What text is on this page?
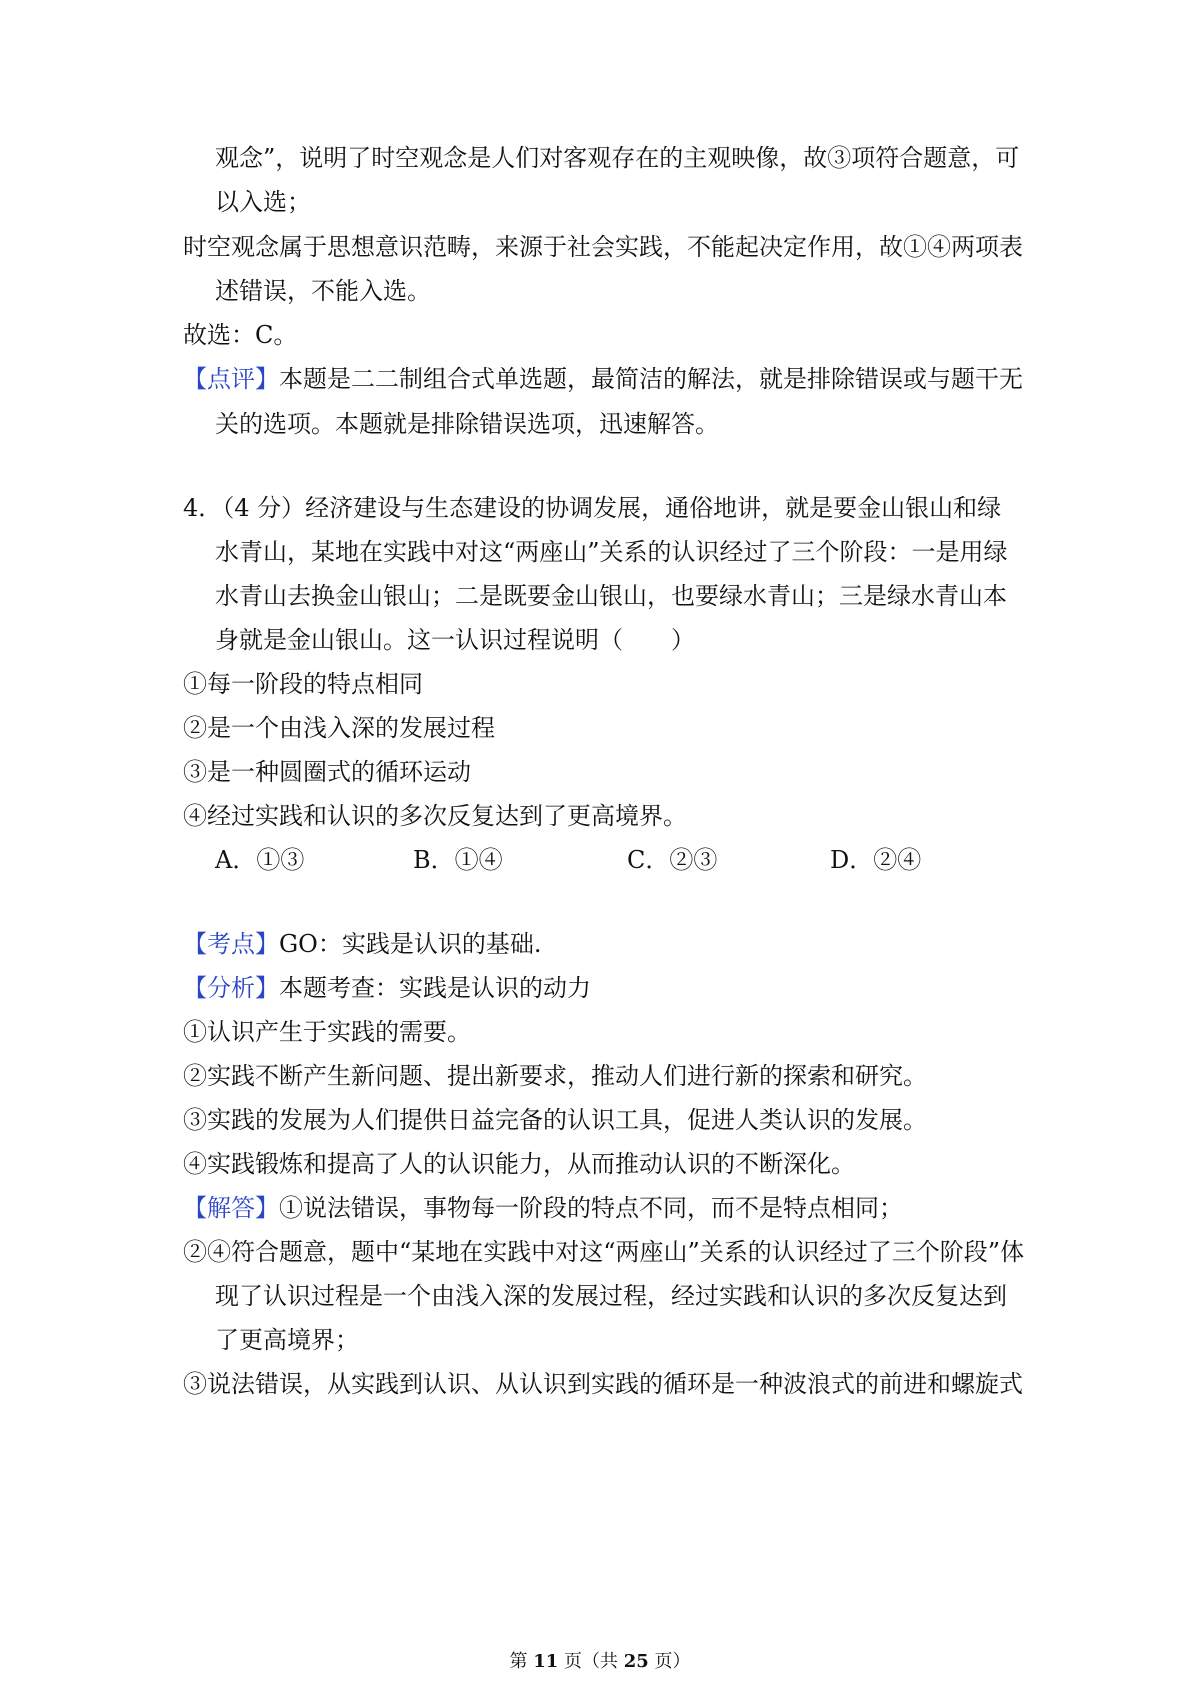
观念”，说明了时空观念是人们对客观存在的主观映像，故③项符合题意，可
以入选；
时空观念属于思想意识范畴，来源于社会实践，不能起决定作用，故①④两项表
述错误，不能入选。
故选：C。
【点评】本题是二二制组合式单选题，最简洁的解法，就是排除错误或与题干无
关的选项。本题就是排除错误选项，迅速解答。
4．（4 分）经济建设与生态建设的协调发展，通俗地讲，就是要金山银山和绿
水青山，某地在实践中对这“两座山”关系的认识经过了三个阶段：一是用绿
水青山去换金山银山；二是既要金山银山，也要绿水青山；三是绿水青山本
身就是金山银山。这一认识过程说明（　　）
①每一阶段的特点相同
②是一个由浅入深的发展过程
③是一种圆圈式的循环运动
④经过实践和认识的多次反复达到了更高境界。
A．①③	B．①④	C．②③	D．②④
【考点】GO：实践是认识的基础.
【分析】本题考查：实践是认识的动力
①认识产生于实践的需要。
②实践不断产生新问题、提出新要求，推动人们进行新的探索和研究。
③实践的发展为人们提供日益完备的认识工具，促进人类认识的发展。
④实践锻炼和提高了人的认识能力，从而推动认识的不断深化。
【解答】①说法错误，事物每一阶段的特点不同，而不是特点相同；
②④符合题意，题中“某地在实践中对这“两座山”关系的认识经过了三个阶段”体
现了认识过程是一个由浅入深的发展过程，经过实践和认识的多次反复达到
了更高境界；
③说法错误，从实践到认识、从认识到实践的循环是一种波浪式的前进和螺旋式
第 11 页（共 25 页）
